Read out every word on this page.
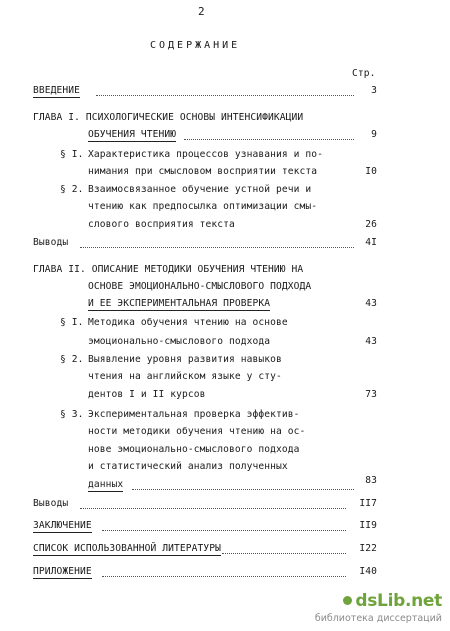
2
СОДЕРЖАНИЕ
Стр.
ВВЕДЕНИЕ	3
ГЛАВА I. ПСИХОЛОГИЧЕСКИЕ ОСНОВЫ ИНТЕНСИФИКАЦИИ
ОБУЧЕНИЯ ЧТЕНИЮ	9
§ I. Характеристика процессов узнавания и по-
нимания при смысловом восприятии текста	I0
§ 2. Взаимосвязанное обучение устной речи и
чтению как предпосылка оптимизации смы-
слового восприятия текста	26
Выводы	4I
ГЛАВА II. ОПИСАНИЕ МЕТОДИКИ ОБУЧЕНИЯ ЧТЕНИЮ НА
ОСНОВЕ ЭМОЦИОНАЛЬНО-СМЫСЛОВОГО ПОДХОДА
И ЕЕ ЭКСПЕРИМЕНТАЛЬНАЯ ПРОВЕРКА	43
§ I. Методика обучения чтению на основе
эмоционально-смыслового подхода	43
§ 2. Выявление уровня развития навыков
чтения на английском языке у сту-
дентов I и II курсов	73
§ 3. Экспериментальная проверка эффектив-
ности методики обучения чтению на ос-
нове эмоционально-смыслового подхода
и статистический анализ полученных
данных	83
Выводы	II7
ЗАКЛЮЧЕНИЕ	II9
СПИСОК ИСПОЛЬЗОВАННОЙ ЛИТЕРАТУРЫ	I22
ПРИЛОЖЕНИЕ	I40
dsLib.net
библиотека диссертаций
